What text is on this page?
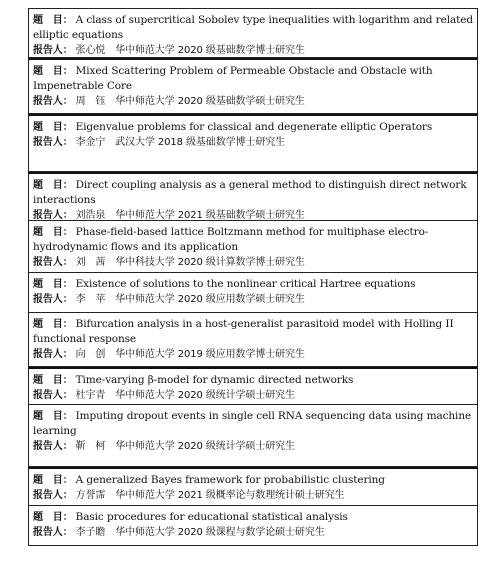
题　目： A class of supercritical Sobolev type inequalities with logarithm and related elliptic equations
报告人： 张心悦　华中师范大学 2020 级基础数学博士研究生
题　目： Mixed Scattering Problem of Permeable Obstacle and Obstacle with Impenetrable Core
报告人： 周　钰　华中师范大学 2020 级基础数学硕士研究生
题　目： Eigenvalue problems for classical and degenerate elliptic Operators
报告人： 李金宁　武汉大学 2018 级基础数学博士研究生
题　目： Direct coupling analysis as a general method to distinguish direct network interactions
报告人： 刘浩泉　华中师范大学 2021 级基础数学硕士研究生
题　目： Phase-field-based lattice Boltzmann method for multiphase electro-hydrodynamic flows and its application
报告人： 刘　茜　华中科技大学 2020 级计算数学博士研究生
题　目： Existence of solutions to the nonlinear critical Hartree equations
报告人： 李　苹　华中师范大学 2020 级应用数学硕士研究生
题　目： Bifurcation analysis in a host-generalist parasitoid model with Holling II functional response
报告人： 向　创　华中师范大学 2019 级应用数学博士研究生
题　目： Time-varying β-model for dynamic directed networks
报告人： 杜宇青　华中师范大学 2020 级统计学硕士研究生
题　目： Imputing dropout events in single cell RNA sequencing data using machine learning
报告人： 靳　柯　华中师范大学 2020 级统计学硕士研究生
题　目： A generalized Bayes framework for probabilistic clustering
报告人： 方誉霈　华中师范大学 2021 级概率论与数理统计硕士研究生
题　目： Basic procedures for educational statistical analysis
报告人： 李子瞻　华中师范大学 2020 级课程与数学论硕士研究生
